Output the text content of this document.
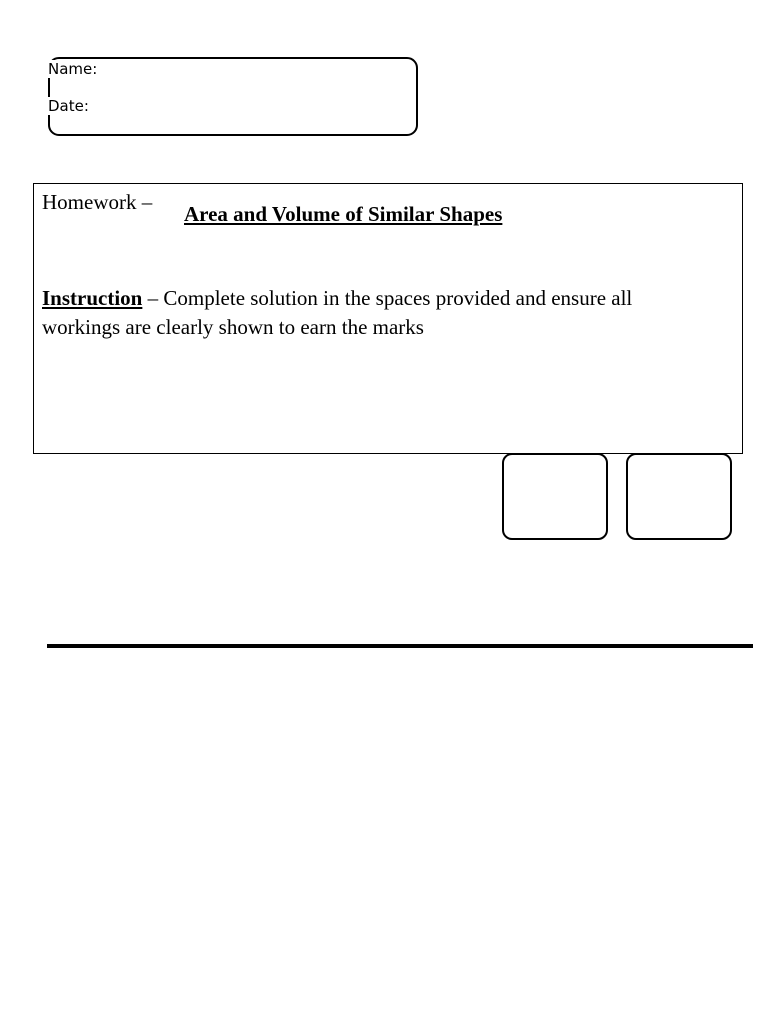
Name:
Date:
Homework – Area and Volume of Similar Shapes
Instruction – Complete solution in the spaces provided and ensure all workings are clearly shown to earn the marks
